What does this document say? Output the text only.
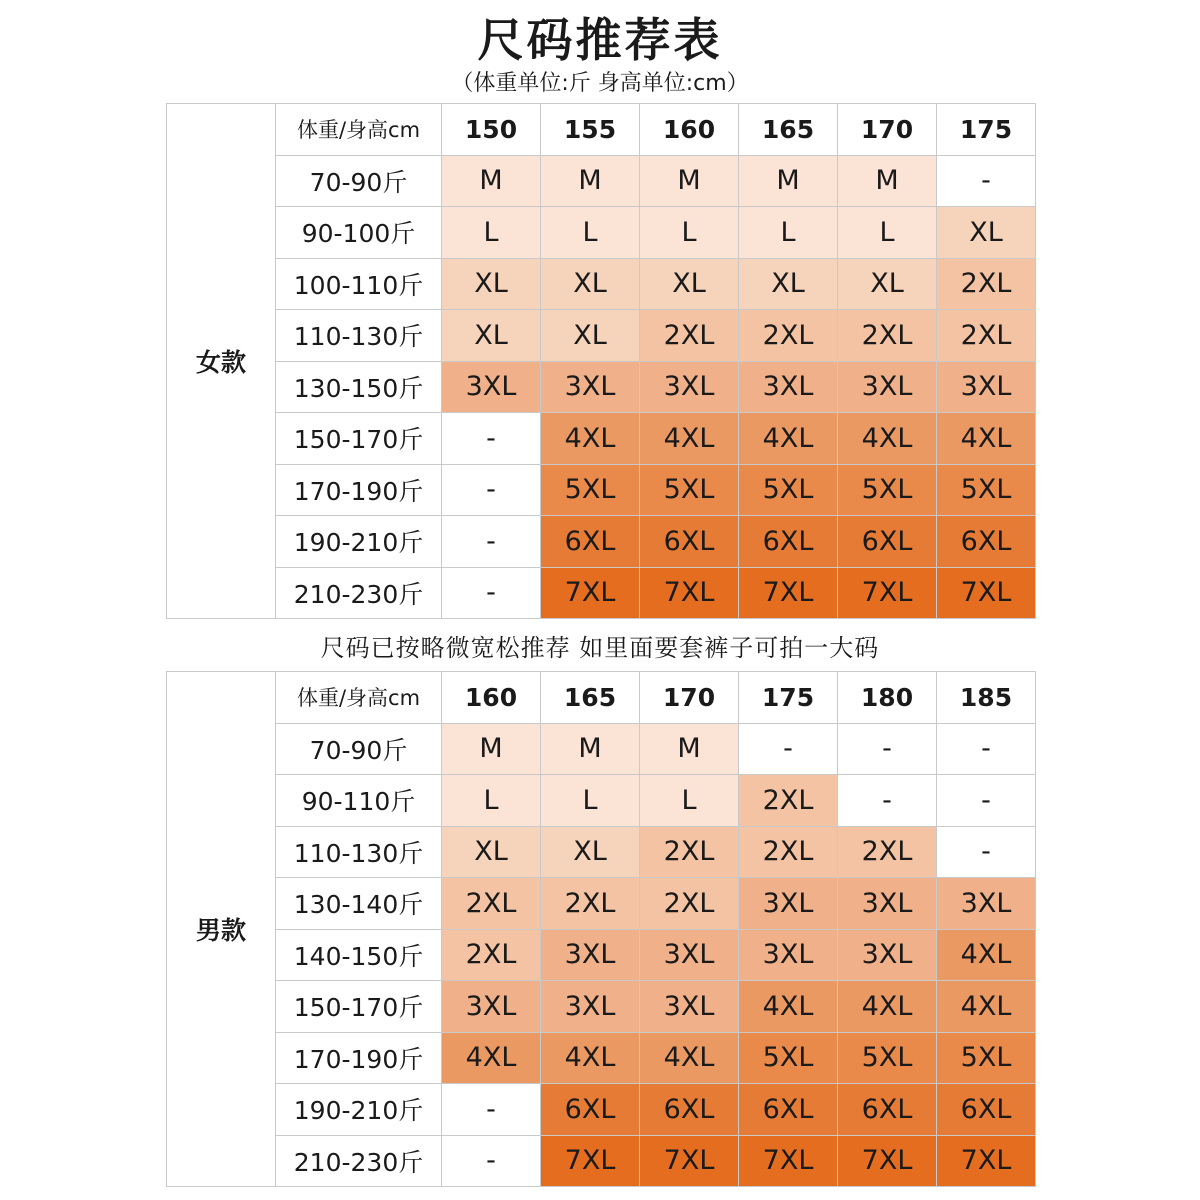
尺码推荐表
（体重单位:斤 身高单位:cm）
女款	体重/身高cm	150	155	160	165	170	175
	70-90斤	M	M	M	M	M	-
	90-100斤	L	L	L	L	L	XL
	100-110斤	XL	XL	XL	XL	XL	2XL
	110-130斤	XL	XL	2XL	2XL	2XL	2XL
	130-150斤	3XL	3XL	3XL	3XL	3XL	3XL
	150-170斤	-	4XL	4XL	4XL	4XL	4XL
	170-190斤	-	5XL	5XL	5XL	5XL	5XL
	190-210斤	-	6XL	6XL	6XL	6XL	6XL
	210-230斤	-	7XL	7XL	7XL	7XL	7XL
尺码已按略微宽松推荐 如里面要套裤子可拍一大码
男款	体重/身高cm	160	165	170	175	180	185
	70-90斤	M	M	M	-	-	-
	90-110斤	L	L	L	2XL	-	-
	110-130斤	XL	XL	2XL	2XL	2XL	-
	130-140斤	2XL	2XL	2XL	3XL	3XL	3XL
	140-150斤	2XL	3XL	3XL	3XL	3XL	4XL
	150-170斤	3XL	3XL	3XL	4XL	4XL	4XL
	170-190斤	4XL	4XL	4XL	5XL	5XL	5XL
	190-210斤	-	6XL	6XL	6XL	6XL	6XL
	210-230斤	-	7XL	7XL	7XL	7XL	7XL
